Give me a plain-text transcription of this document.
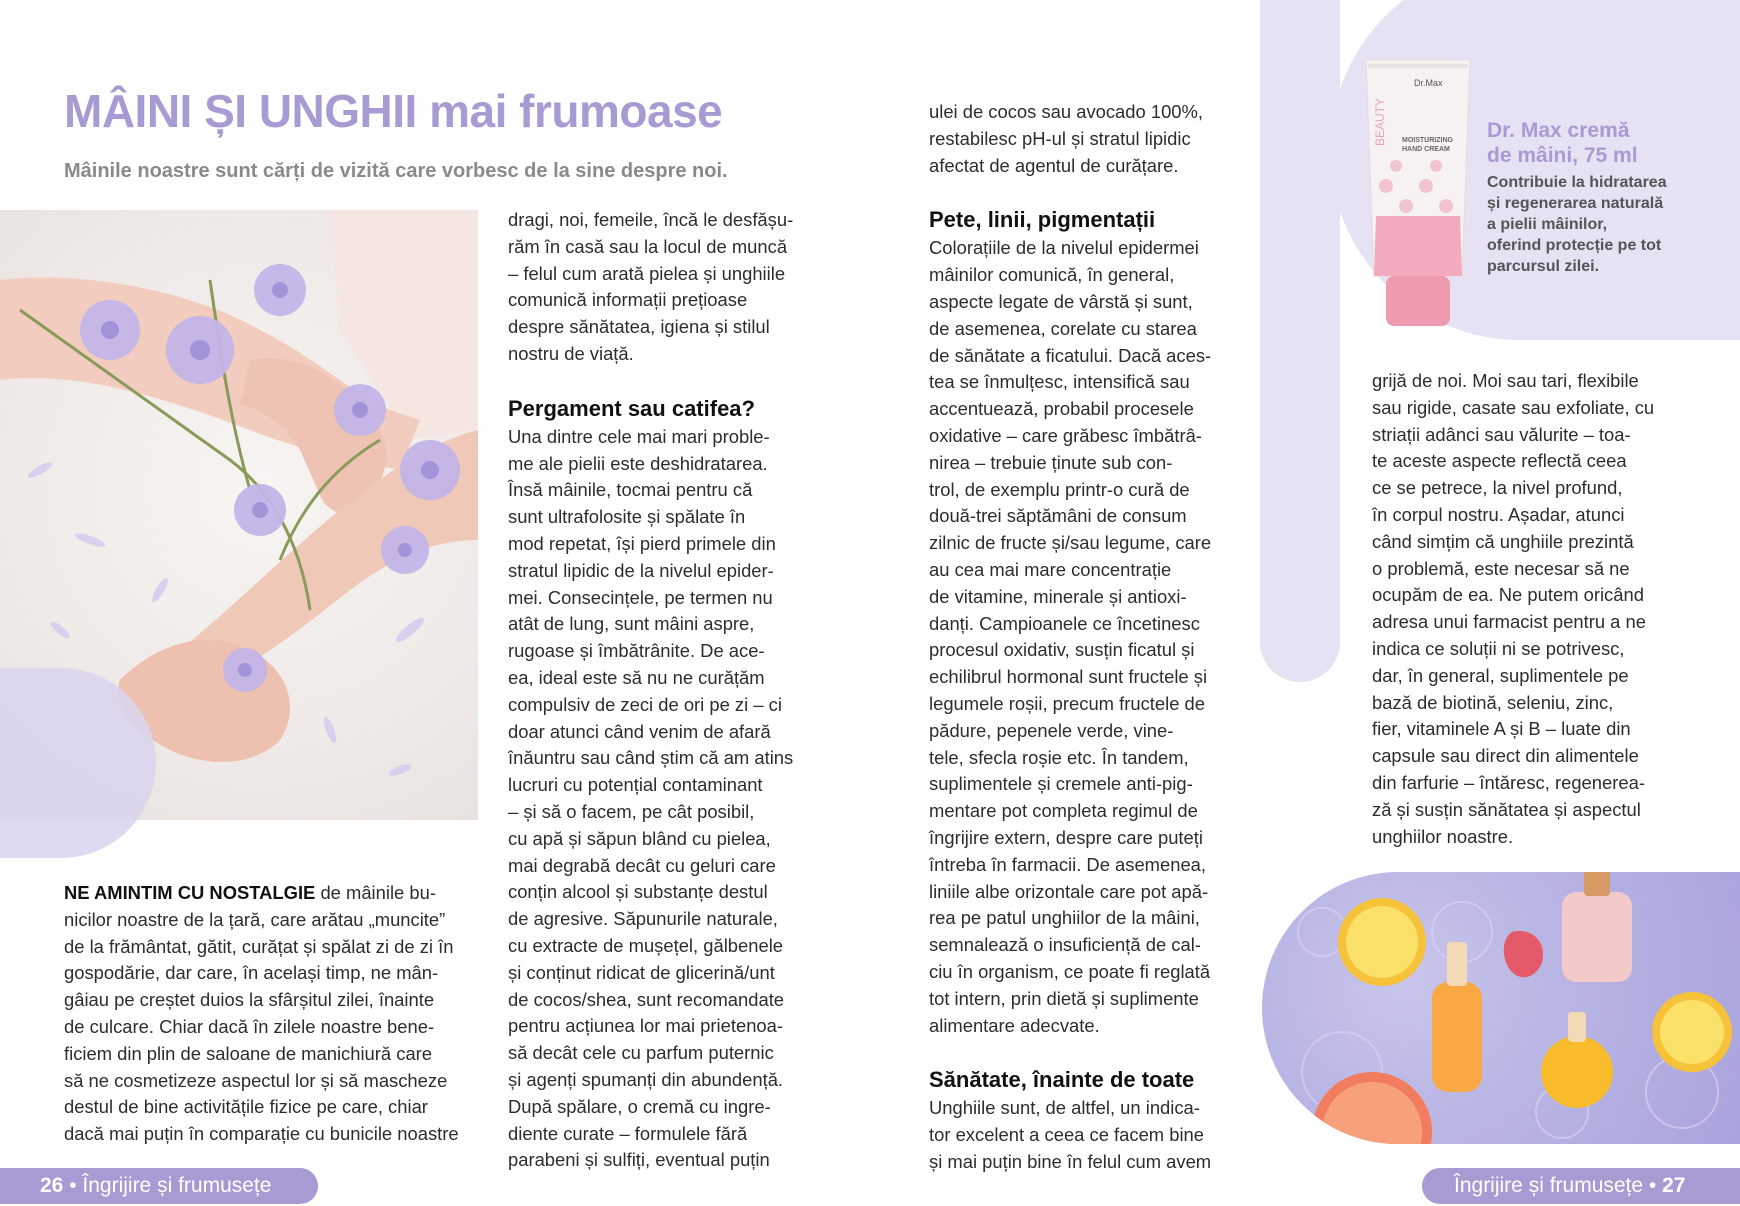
MÂINI ȘI UNGHII mai frumoase
Mâinile noastre sunt cărți de vizită care vorbesc de la sine despre noi.

NE AMINTIM CU NOSTALGIE de mâinile bu-

nicilor noastre de la țară, care arătau „muncite”

de la frământat, gătit, curățat și spălat zi de zi în

gospodărie, dar care, în același timp, ne mân-

gâiau pe creștet duios la sfârșitul zilei, înainte

de culcare. Chiar dacă în zilele noastre bene-

ficiem din plin de saloane de manichiură care

să ne cosmetizeze aspectul lor și să mascheze

destul de bine activitățile fizice pe care, chiar

dacă mai puțin în comparație cu bunicile noastre

dragi, noi, femeile, încă le desfășu-

răm în casă sau la locul de muncă

– felul cum arată pielea și unghiile

comunică informații prețioase

despre sănătatea, igiena și stilul

nostru de viață.

Pergament sau catifea?

Una dintre cele mai mari proble-

me ale pielii este deshidratarea.

Însă mâinile, tocmai pentru că

sunt ultrafolosite și spălate în

mod repetat, își pierd primele din

stratul lipidic de la nivelul epider-

mei. Consecințele, pe termen nu

atât de lung, sunt mâini aspre,

rugoase și îmbătrânite. De ace-

ea, ideal este să nu ne curățăm

compulsiv de zeci de ori pe zi – ci

doar atunci când venim de afară

înăuntru sau când știm că am atins

lucruri cu potențial contaminant

– și să o facem, pe cât posibil,

cu apă și săpun blând cu pielea,

mai degrabă decât cu geluri care

conțin alcool și substanțe destul

de agresive. Săpunurile naturale,

cu extracte de mușețel, gălbenele

și conținut ridicat de glicerină/unt

de cocos/shea, sunt recomandate

pentru acțiunea lor mai prietenoa-

să decât cele cu parfum puternic

și agenți spumanți din abundență.

După spălare, o cremă cu ingre-

diente curate – formulele fără

parabeni și sulfiți, eventual puțin

ulei de cocos sau avocado 100%,

restabilesc pH-ul și stratul lipidic

afectat de agentul de curățare.

Pete, linii, pigmentații

Colorațiile de la nivelul epidermei

mâinilor comunică, în general,

aspecte legate de vârstă și sunt,

de asemenea, corelate cu starea

de sănătate a ficatului. Dacă aces-

tea se înmulțesc, intensifică sau

accentuează, probabil procesele

oxidative – care grăbesc îmbătrâ-

nirea – trebuie ținute sub con-

trol, de exemplu printr-o cură de

două-trei săptămâni de consum

zilnic de fructe și/sau legume, care

au cea mai mare concentrație

de vitamine, minerale și antioxi-

danți. Campioanele ce încetinesc

procesul oxidativ, susțin ficatul și

echilibrul hormonal sunt fructele și

legumele roșii, precum fructele de

pădure, pepenele verde, vine-

tele, sfecla roșie etc. În tandem,

suplimentele și cremele anti-pig-

mentare pot completa regimul de

îngrijire extern, despre care puteți

întreba în farmacii. De asemenea,

liniile albe orizontale care pot apă-

rea pe patul unghiilor de la mâini,

semnalează o insuficiență de cal-

ciu în organism, ce poate fi reglată

tot intern, prin dietă și suplimente

alimentare adecvate.

Sănătate, înainte de toate

Unghiile sunt, de altfel, un indica-

tor excelent a ceea ce facem bine

și mai puțin bine în felul cum avem

Dr.Max
BEAUTY MOISTURIZING
HAND CREAM
Dr. Max cremă
de mâini, 75 ml
Contribuie la hidratarea
și regenerarea naturală
a pielii mâinilor,
oferind protecție pe tot
parcursul zilei.

grijă de noi. Moi sau tari, flexibile

sau rigide, casate sau exfoliate, cu

striații adânci sau vălurite – toa-

te aceste aspecte reflectă ceea

ce se petrece, la nivel profund,

în corpul nostru. Așadar, atunci

când simțim că unghiile prezintă

o problemă, este necesar să ne

ocupăm de ea. Ne putem oricând

adresa unui farmacist pentru a ne

indica ce soluții ni se potrivesc,

dar, în general, suplimentele pe

bază de biotină, seleniu, zinc,

fier, vitaminele A și B – luate din

capsule sau direct din alimentele

din farfurie – întăresc, regenerea-

ză și susțin sănătatea și aspectul

unghiilor noastre.

26 • Îngrijire și frumusețe	Îngrijire și frumusețe • 27
